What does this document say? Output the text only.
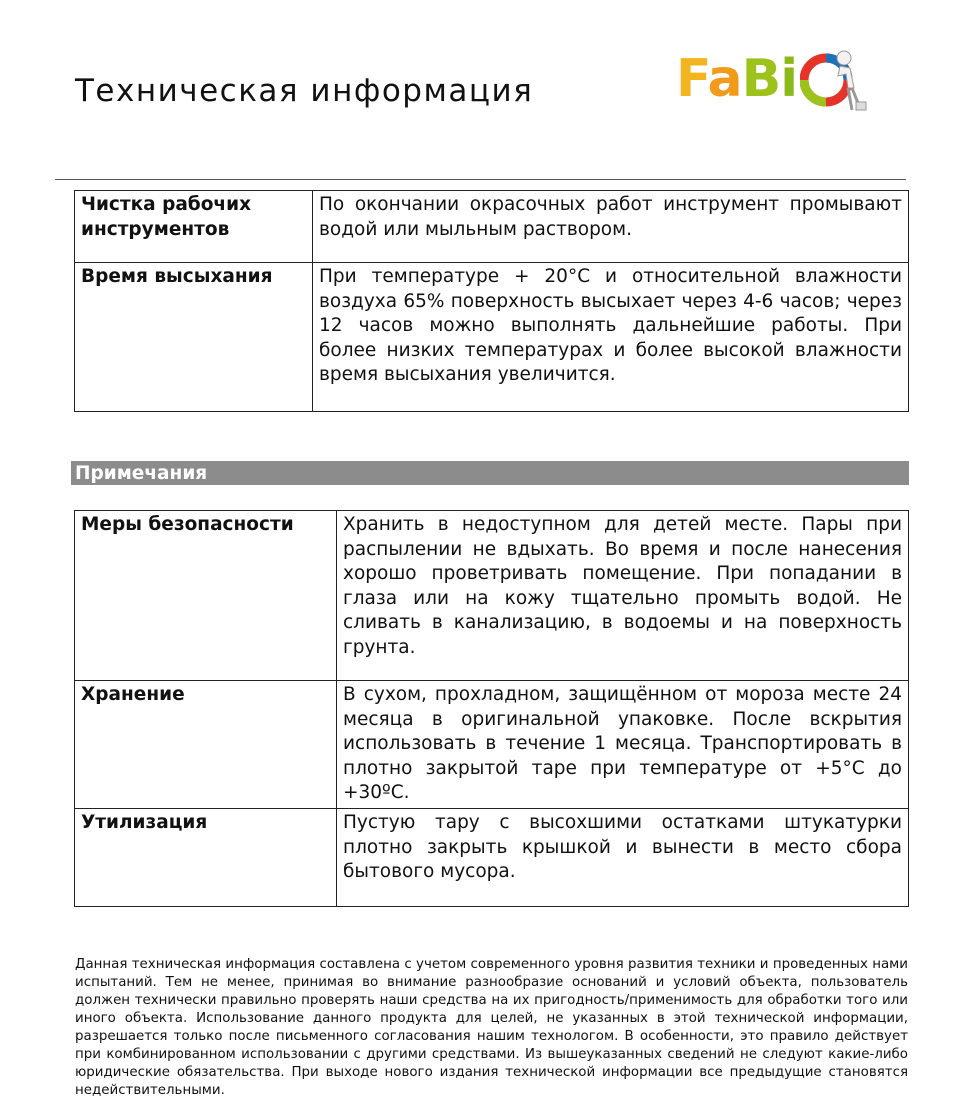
Техническая информация	FaBi
Чистка рабочих инструментов	По окончании окрасочных работ инструмент промывают водой или мыльным раствором.
Время высыхания	При температуре + 20°С и относительной влажности воздуха 65% поверхность высыхает через 4-6 часов; через 12 часов можно выполнять дальнейшие работы. При более низких температурах и более высокой влажности время высыхания увеличится.
Примечания
Меры безопасности	Хранить в недоступном для детей месте. Пары при распылении не вдыхать. Во время и после нанесения хорошо проветривать помещение. При попадании в глаза или на кожу тщательно промыть водой. Не сливать в канализацию, в водоемы и на поверхность грунта.
Хранение	В сухом, прохладном, защищённом от мороза месте 24 месяца в оригинальной упаковке. После вскрытия использовать в течение 1 месяца. Транспортировать в плотно закрытой таре при температуре от +5°С до +30ºС.
Утилизация	Пустую тару с высохшими остатками штукатурки плотно закрыть крышкой и вынести в место сбора бытового мусора.

Данная техническая информация составлена с учетом современного уровня развития техники и проведенных нами испытаний. Тем не менее, принимая во внимание разнообразие оснований и условий объекта, пользователь должен технически правильно проверять наши средства на их пригодность/применимость для обработки того или иного объекта. Использование данного продукта для целей, не указанных в этой технической информации, разрешается только после письменного согласования нашим технологом. В особенности, это правило действует при комбинированном использовании с другими средствами. Из вышеуказанных сведений не следуют какие-либо юридические обязательства. При выходе нового издания технической информации все предыдущие становятся недействительными.
